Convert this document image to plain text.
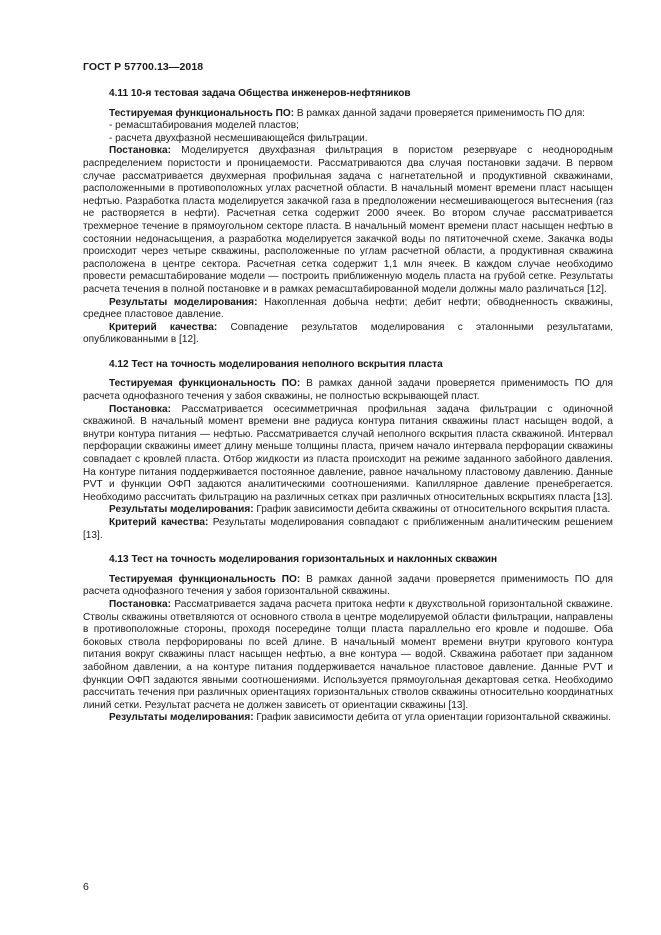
ГОСТ Р 57700.13—2018
4.11 10-я тестовая задача Общества инженеров-нефтяников

Тестируемая функциональность ПО: В рамках данной задачи проверяется применимость ПО для:

- ремасштабирования моделей пластов;
- расчета двухфазной несмешивающейся фильтрации.

Постановка: Моделируется двухфазная фильтрация в пористом резервуаре с неоднородным распределением пористости и проницаемости. Рассматриваются два случая постановки задачи. В первом случае рассматривается двухмерная профильная задача с нагнетательной и продуктивной скважинами, расположенными в противоположных углах расчетной области. В начальный момент времени пласт насыщен нефтью. Разработка пласта моделируется закачкой газа в предположении несмешивающегося вытеснения (газ не растворяется в нефти). Расчетная сетка содержит 2000 ячеек. Во втором случае рассматривается трехмерное течение в прямоугольном секторе пласта. В начальный момент времени пласт насыщен нефтью в состоянии недонасыщения, а разработка моделируется закачкой воды по пятиточечной схеме. Закачка воды происходит через четыре скважины, расположенные по углам расчетной области, а продуктивная скважина расположена в центре сектора. Расчетная сетка содержит 1,1 млн ячеек. В каждом случае необходимо провести ремасштабирование модели — построить приближенную модель пласта на грубой сетке. Результаты расчета течения в полной постановке и в рамках ремасштабированной модели должны мало различаться [12].

Результаты моделирования: Накопленная добыча нефти; дебит нефти; обводненность скважины, среднее пластовое давление.

Критерий качества: Совпадение результатов моделирования с эталонными результатами, опубликованными в [12].

4.12 Тест на точность моделирования неполного вскрытия пласта

Тестируемая функциональность ПО: В рамках данной задачи проверяется применимость ПО для расчета однофазного течения у забоя скважины, не полностью вскрывающей пласт.

Постановка: Рассматривается осесимметричная профильная задача фильтрации с одиночной скважиной. В начальный момент времени вне радиуса контура питания скважины пласт насыщен водой, а внутри контура питания — нефтью. Рассматривается случай неполного вскрытия пласта скважиной. Интервал перфорации скважины имеет длину меньше толщины пласта, причем начало интервала перфорации скважины совпадает с кровлей пласта. Отбор жидкости из пласта происходит на режиме заданного забойного давления. На контуре питания поддерживается постоянное давление, равное начальному пластовому давлению. Данные PVT и функции ОФП задаются аналитическими соотношениями. Капиллярное давление пренебрегается. Необходимо рассчитать фильтрацию на различных сетках при различных относительных вскрытиях пласта [13].

Результаты моделирования: График зависимости дебита скважины от относительного вскрытия пласта.

Критерий качества: Результаты моделирования совпадают с приближенным аналитическим решением [13].

4.13 Тест на точность моделирования горизонтальных и наклонных скважин

Тестируемая функциональность ПО: В рамках данной задачи проверяется применимость ПО для расчета однофазного течения у забоя горизонтальной скважины.

Постановка: Рассматривается задача расчета притока нефти к двухствольной горизонтальной скважине. Стволы скважины ответвляются от основного ствола в центре моделируемой области фильтрации, направлены в противоположные стороны, проходя посередине толщи пласта параллельно его кровле и подошве. Оба боковых ствола перфорированы по всей длине. В начальный момент времени внутри кругового контура питания вокруг скважины пласт насыщен нефтью, а вне контура — водой. Скважина работает при заданном забойном давлении, а на контуре питания поддерживается начальное пластовое давление. Данные PVT и функции ОФП задаются явными соотношениями. Используется прямоугольная декартовая сетка. Необходимо рассчитать течения при различных ориентациях горизонтальных стволов скважины относительно координатных линий сетки. Результат расчета не должен зависеть от ориентации скважины [13].

Результаты моделирования: График зависимости дебита от угла ориентации горизонтальной скважины.

6
